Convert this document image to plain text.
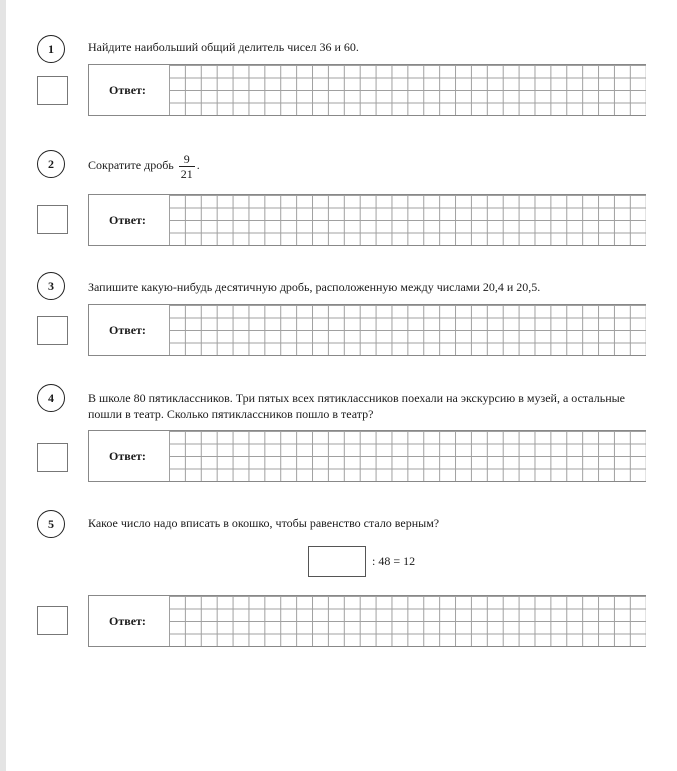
1	Найдите наибольший общий делитель чисел 36 и 60.
Ответ:
2	Сократите дробь $\frac{9}{21}$ .
Ответ:
3	Запишите какую-нибудь десятичную дробь, расположенную между числами 20,4 и 20,5.
Ответ:
4	В школе 80 пятиклассников. Три пятых всех пятиклассников поехали на экскурсию в музей, а остальные пошли в театр. Сколько пятиклассников пошло в театр?
Ответ:
5	Какое число надо вписать в окошко, чтобы равенство стало верным?
: 48 = 12
Ответ:
